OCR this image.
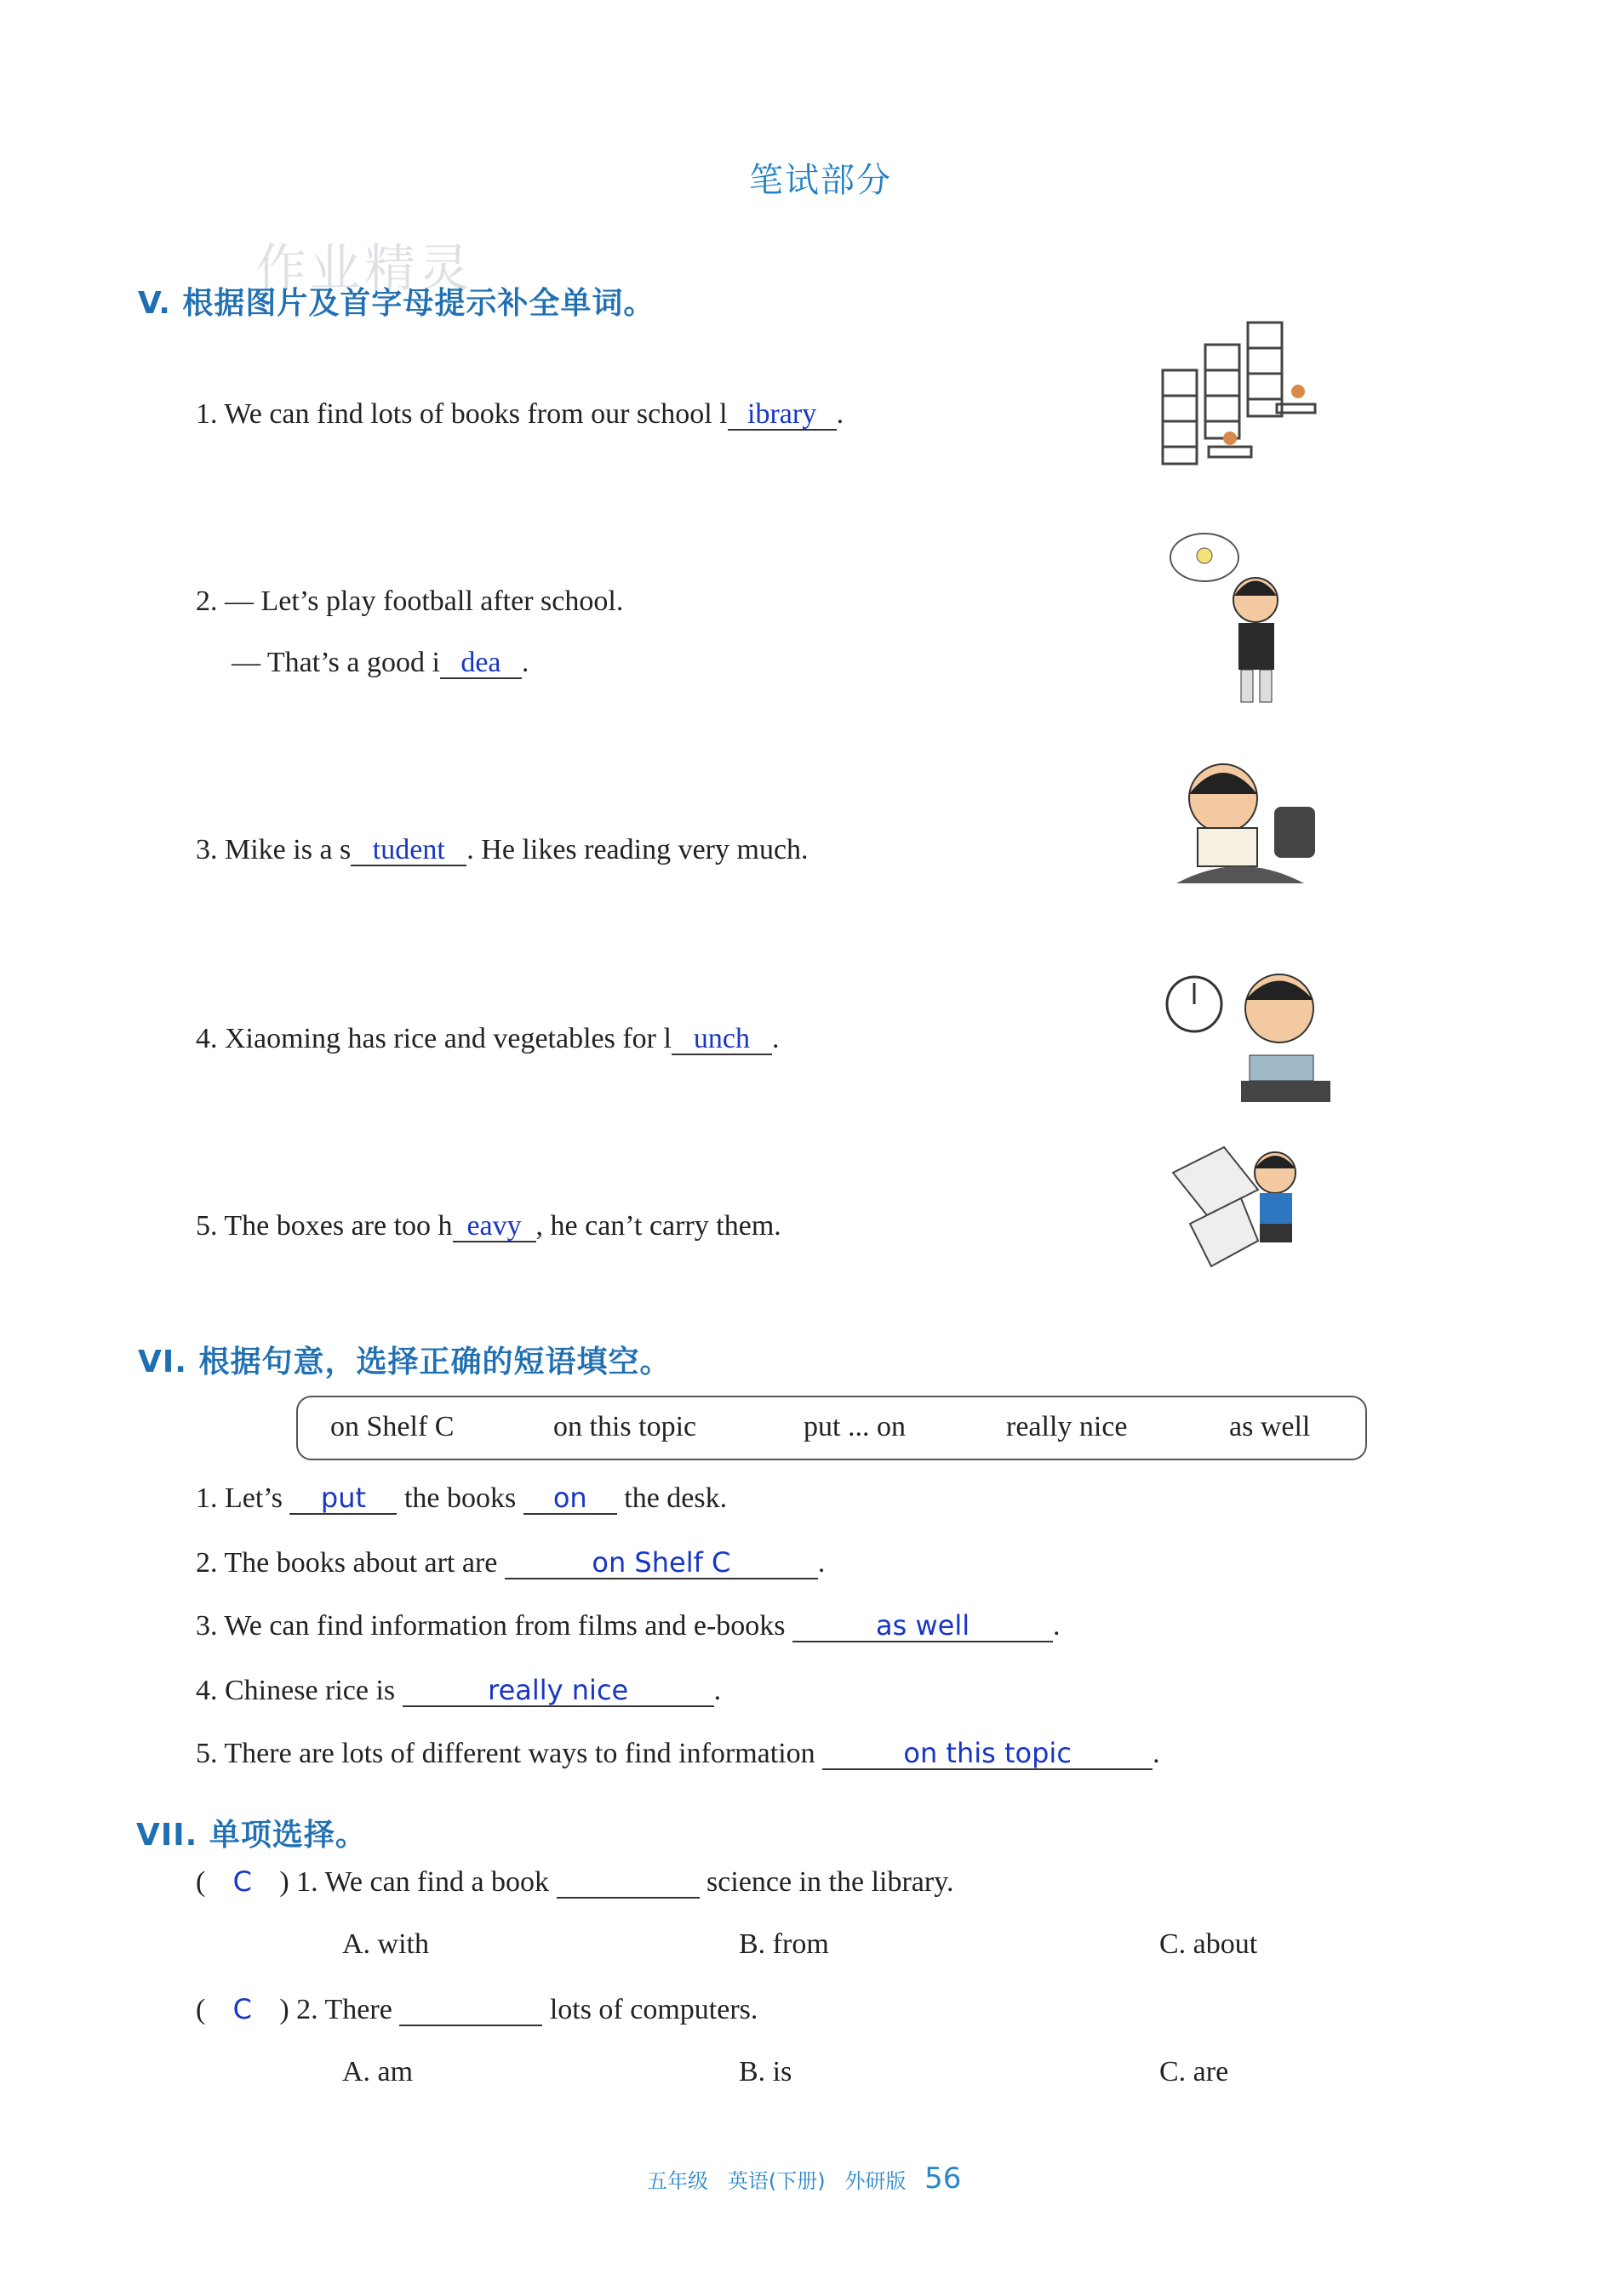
笔试部分
作业精灵
V. 根据图片及首字母提示补全单词。
1. We can find lots of books from our school l ibrary .
2. — Let’s play football after school.
— That’s a good i dea .
3. Mike is a s tudent . He likes reading very much.
4. Xiaoming has rice and vegetables for l unch .
5. The boxes are too h eavy , he can’t carry them.
VI. 根据句意，选择正确的短语填空。
on Shelf C	on this topic	put ... on	really nice	as well
1. Let’s put the books on the desk.
2. The books about art are	on Shelf C	.
3. We can find information from films and e-books	as well	.
4. Chinese rice is	really nice	.
5. There are lots of different ways to find information	on this topic	.
VII. 单项选择。
( C ) 1. We can find a book	science in the library.
A. with	B. from	C. about
( C ) 2. There	lots of computers.
A. am	B. is	C. are
五年级 英语(下册) 外研版 56
